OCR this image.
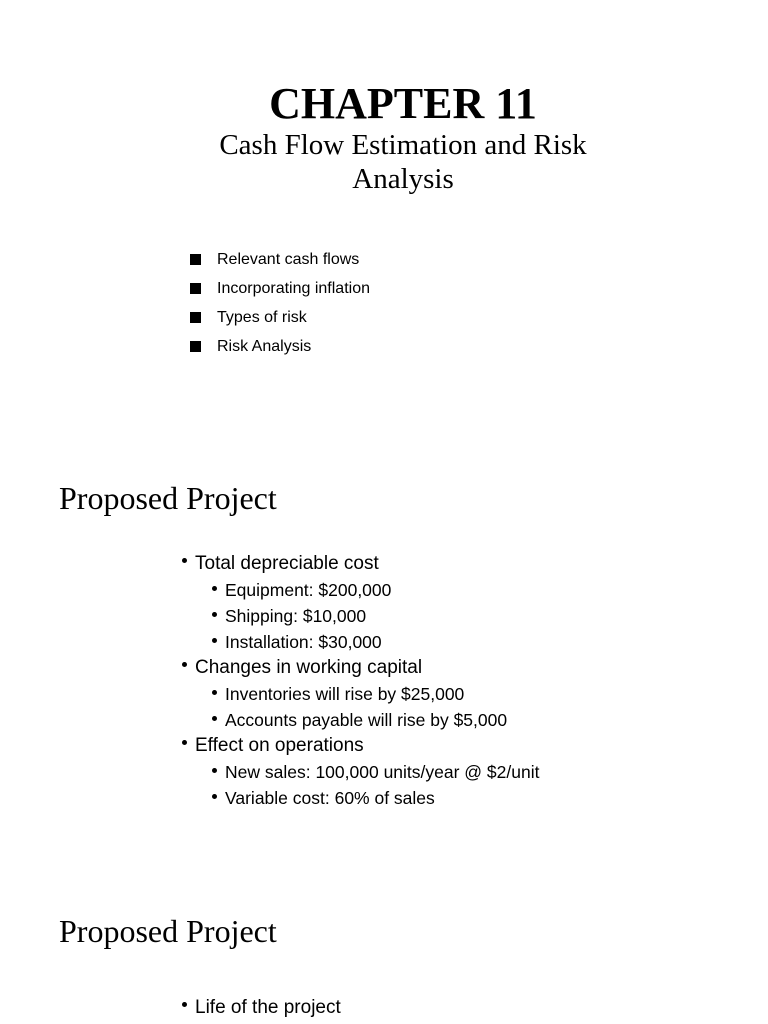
CHAPTER 11
Cash Flow Estimation and Risk
Analysis
Relevant cash flows
Incorporating inflation
Types of risk
Risk Analysis
Proposed Project
Total depreciable cost
Equipment: $200,000
Shipping: $10,000
Installation: $30,000
Changes in working capital
Inventories will rise by $25,000
Accounts payable will rise by $5,000
Effect on operations
New sales: 100,000 units/year @ $2/unit
Variable cost: 60% of sales
Proposed Project
Life of the project
